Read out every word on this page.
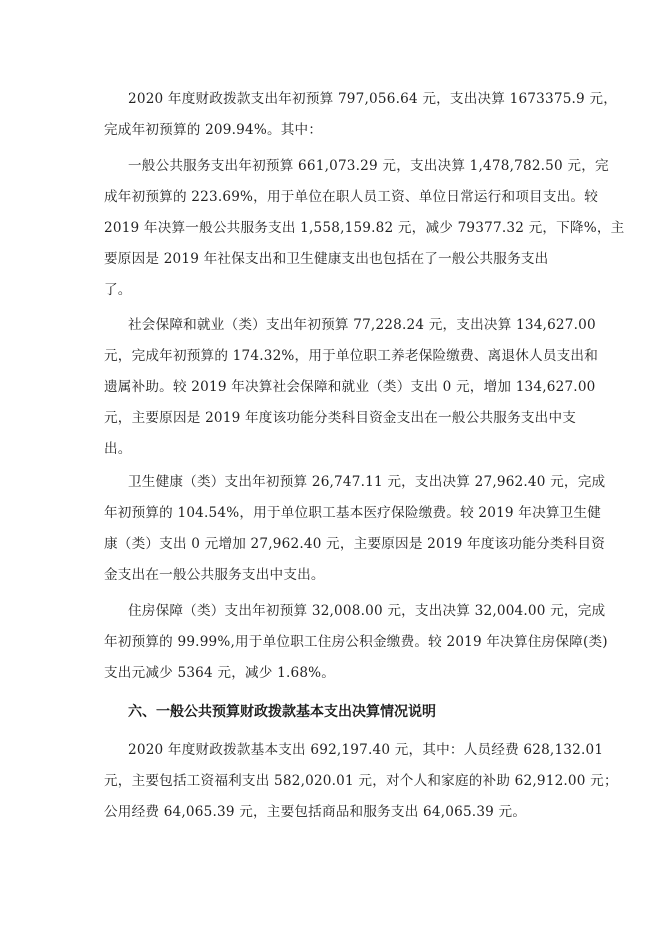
2020 年度财政拨款支出年初预算 797,056.64 元，支出决算 1673375.9 元，
完成年初预算的 209.94%。其中：
一般公共服务支出年初预算 661,073.29 元，支出决算 1,478,782.50 元，完
成年初预算的 223.69%，用于单位在职人员工资、单位日常运行和项目支出。较
2019 年决算一般公共服务支出 1,558,159.82 元，减少 79377.32 元，下降%，主
要原因是 2019 年社保支出和卫生健康支出也包括在了一般公共服务支出
了。
社会保障和就业（类）支出年初预算 77,228.24 元，支出决算 134,627.00
元，完成年初预算的 174.32%，用于单位职工养老保险缴费、离退休人员支出和
遗属补助。较 2019 年决算社会保障和就业（类）支出 0 元，增加 134,627.00
元，主要原因是 2019 年度该功能分类科目资金支出在一般公共服务支出中支
出。
卫生健康（类）支出年初预算 26,747.11 元，支出决算 27,962.40 元，完成
年初预算的 104.54%，用于单位职工基本医疗保险缴费。较 2019 年决算卫生健
康（类）支出 0 元增加 27,962.40 元，主要原因是 2019 年度该功能分类科目资
金支出在一般公共服务支出中支出。
住房保障（类）支出年初预算 32,008.00 元，支出决算 32,004.00 元，完成
年初预算的 99.99%,用于单位职工住房公积金缴费。较 2019 年决算住房保障(类)
支出元减少 5364 元，减少 1.68%。
六、一般公共预算财政拨款基本支出决算情况说明
2020 年度财政拨款基本支出 692,197.40 元，其中：人员经费 628,132.01
元，主要包括工资福利支出 582,020.01 元，对个人和家庭的补助 62,912.00 元；
公用经费 64,065.39 元，主要包括商品和服务支出 64,065.39 元。
